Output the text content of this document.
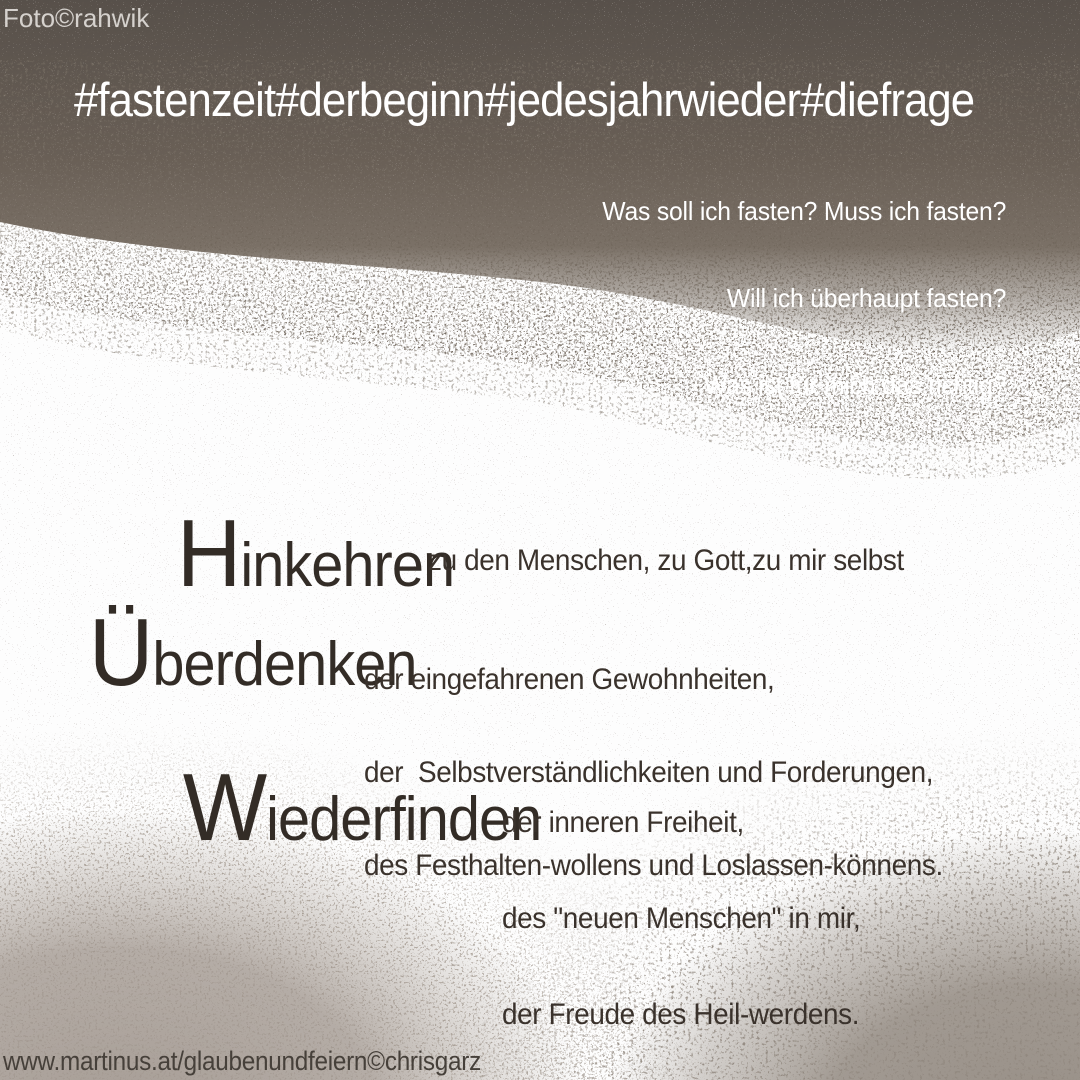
Foto©rahwik
#fastenzeit#derbeginn#jedesjahrwieder#diefrage

Was soll ich fasten? Muss ich fasten?

Will ich überhaupt fasten?

Was ist für mich das richtig?

Hinkehren

zu den Menschen, zu Gott,zu mir selbst

Überdenken

der eingefahrenen Gewohnheiten,

der  Selbstverständlichkeiten und Forderungen,

des Festhalten-wollens und Loslassen-könnens.

Wiederfinden

der inneren Freiheit,

des "neuen Menschen" in mir,

der Freude des Heil-werdens.

www.martinus.at/glaubenundfeiern©chrisgarz
